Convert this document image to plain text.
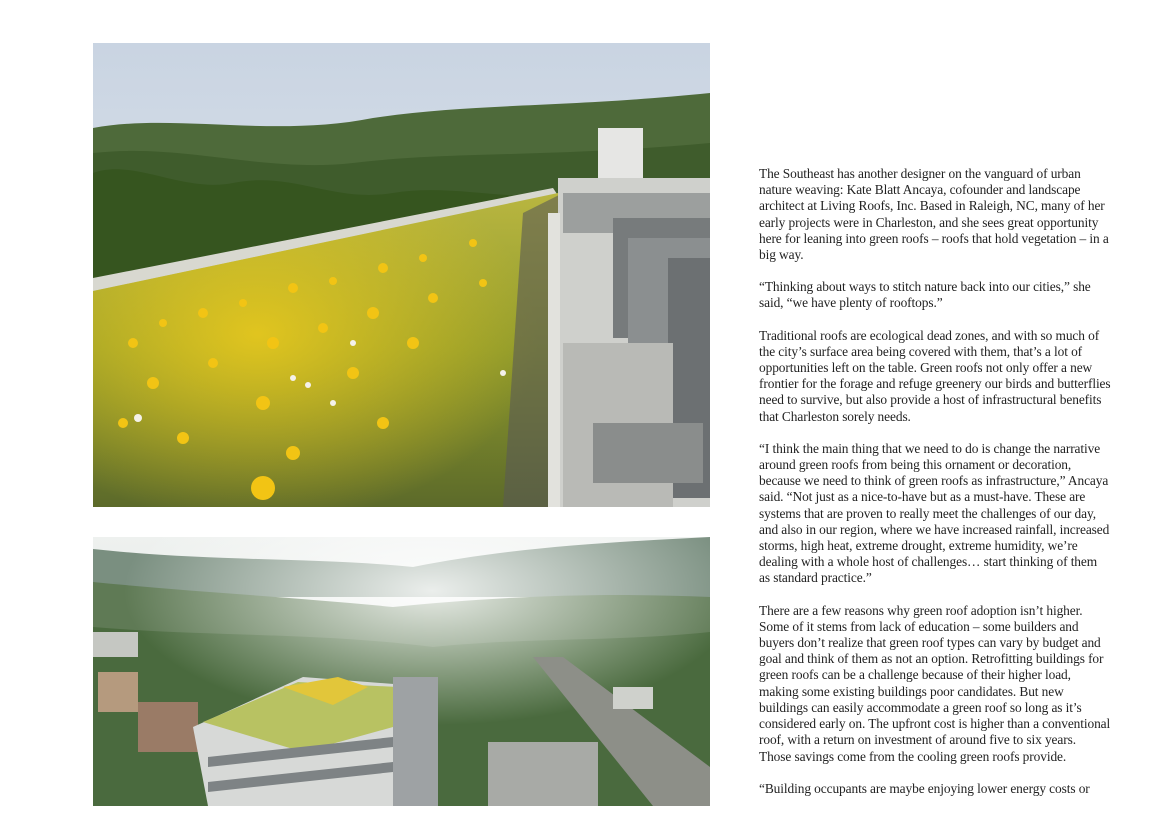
The Southeast has another designer on the vanguard of urban nature weaving: Kate Blatt Ancaya, cofounder and landscape architect at Living Roofs, Inc. Based in Raleigh, NC, many of her early projects were in Charleston, and she sees great opportunity here for leaning into green roofs – roofs that hold vegetation – in a big way.

“Thinking about ways to stitch nature back into our cities,” she said, “we have plenty of rooftops.”

Traditional roofs are ecological dead zones, and with so much of the city’s surface area being covered with them, that’s a lot of opportunities left on the table. Green roofs not only offer a new frontier for the forage and refuge greenery our birds and butterflies need to survive, but also provide a host of infrastructural benefits that Charleston sorely needs.

“I think the main thing that we need to do is change the narrative around green roofs from being this ornament or decoration, because we need to think of green roofs as infrastructure,” Ancaya said. “Not just as a nice-to-have but as a must-have. These are systems that are proven to really meet the challenges of our day, and also in our region, where we have increased rainfall, increased storms, high heat, extreme drought, extreme humidity, we’re dealing with a whole host of challenges… start thinking of them as standard practice.”

There are a few reasons why green roof adoption isn’t higher. Some of it stems from lack of education – some builders and buyers don’t realize that green roof types can vary by budget and goal and think of them as not an option. Retrofitting buildings for green roofs can be a challenge because of their higher load, making some existing buildings poor candidates. But new buildings can easily accommodate a green roof so long as it’s considered early on. The upfront cost is higher than a conventional roof, with a return on investment of around five to six years. Those savings come from the cooling green roofs provide.

“Building occupants are maybe enjoying lower energy costs or
